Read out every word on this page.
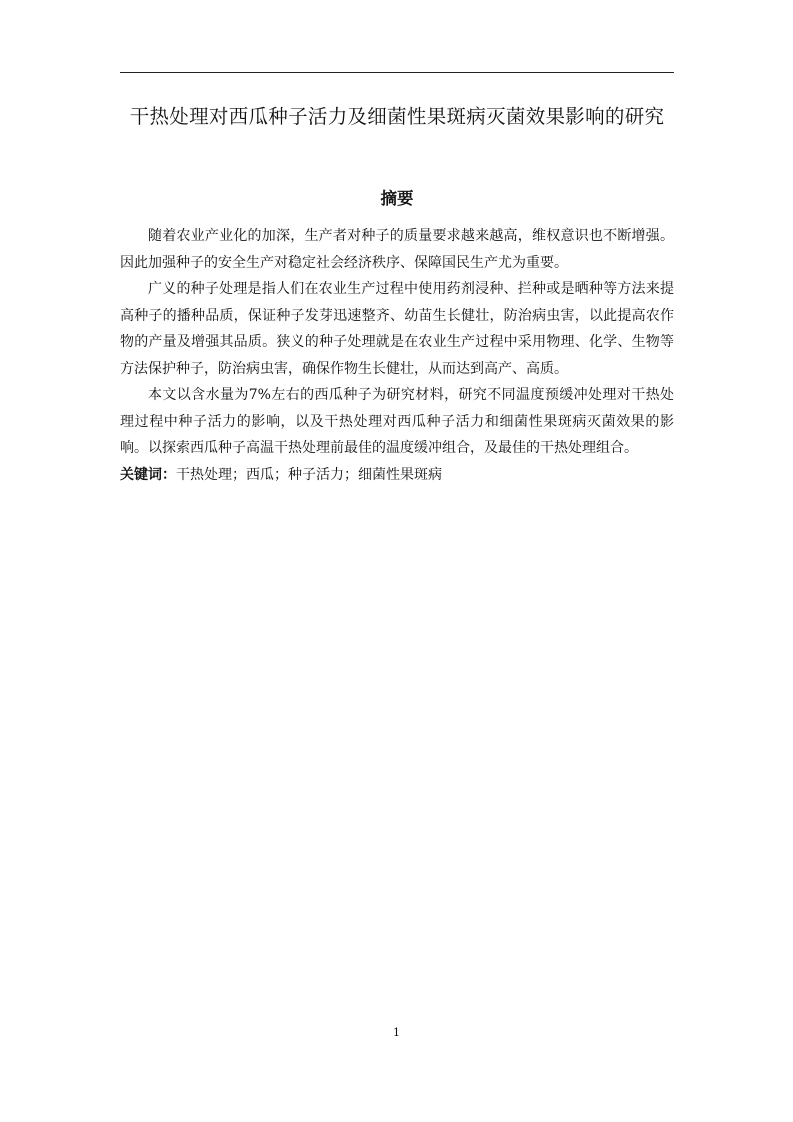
干热处理对西瓜种子活力及细菌性果斑病灭菌效果影响的研究
摘要

随着农业产业化的加深，生产者对种子的质量要求越来越高，维权意识也不断增强。因此加强种子的安全生产对稳定社会经济秩序、保障国民生产尤为重要。

广义的种子处理是指人们在农业生产过程中使用药剂浸种、拦种或是晒种等方法来提高种子的播种品质，保证种子发芽迅速整齐、幼苗生长健壮，防治病虫害，以此提高农作物的产量及增强其品质。狭义的种子处理就是在农业生产过程中采用物理、化学、生物等方法保护种子，防治病虫害，确保作物生长健壮，从而达到高产、高质。

本文以含水量为7%左右的西瓜种子为研究材料，研究不同温度预缓冲处理对干热处理过程中种子活力的影响，以及干热处理对西瓜种子活力和细菌性果斑病灭菌效果的影响。以探索西瓜种子高温干热处理前最佳的温度缓冲组合，及最佳的干热处理组合。

关键词：干热处理；西瓜；种子活力；细菌性果斑病

1
